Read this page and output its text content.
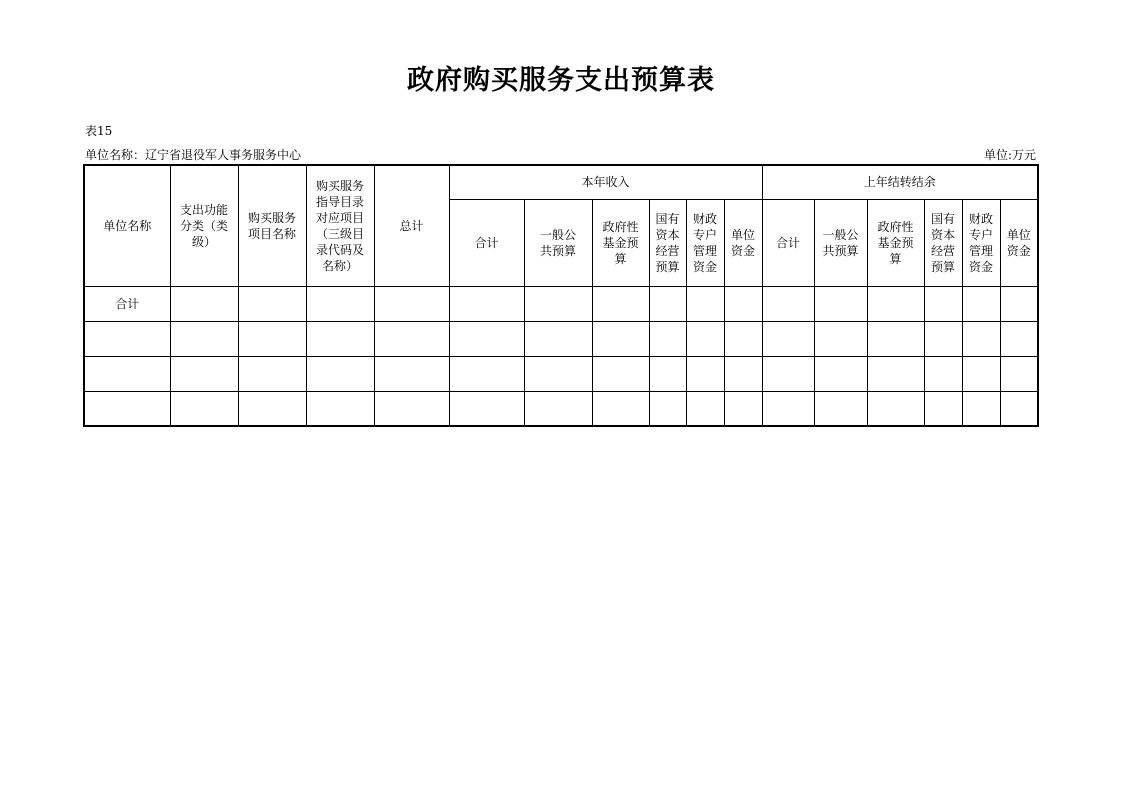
政府购买服务支出预算表
表15
单位名称：辽宁省退役军人事务服务中心	单位:万元
单位名称	支出功能分类（类级）	购买服务项目名称	购买服务指导目录对应项目（三级目录代码及名称）	总计	本年收入						上年结转结余					
					合计	一般公共预算	政府性基金预算	国有资本经营预算	财政专户管理资金	单位资金	合计	一般公共预算	政府性基金预算	国有资本经营预算	财政专户管理资金	单位资金
合计																
